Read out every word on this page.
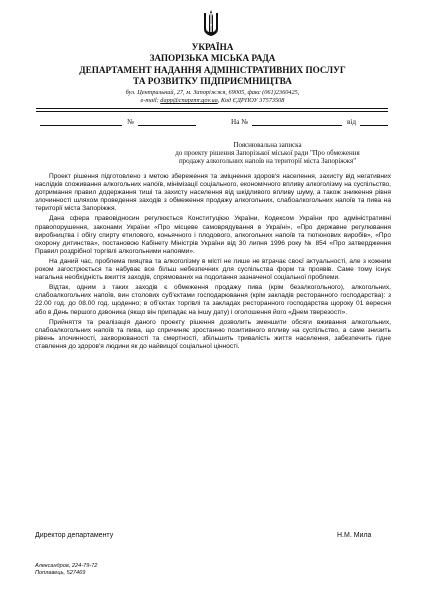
УКРАЇНА
ЗАПОРІЗЬКА МІСЬКА РАДА
ДЕПАРТАМЕНТ НАДАННЯ АДМІНІСТРАТИВНИХ ПОСЛУГ
ТА РОЗВИТКУ ПІДПРИЄМНИЦТВА
бул. Центральний, 27, м. Запоріжжя, 69005, факс (061)2360425,
e-mail: dapp@cnapzmr.gov.ua, Код ЄДРПОУ 37573508
№	На №	від
Пояснювальна записка
до проекту рішення Запорізької міської ради "Про обмеження
продажу алкогольних напоїв на території міста Запоріжжя"

Проект рішення підготовлено з метою збереження та зміцнення здоров'я населення, захисту від негативних наслідків споживання алкогольних напоїв, мінімізації соціального, економічного впливу алкоголізму на суспільство, дотримання правил додержання тиші та захисту населення від шкідливого впливу шуму, а також зниження рівня злочинності шляхом проведення заходів з обмеження продажу алкогольних, слабоалкогольних напоїв та пива на території міста Запоріжжя.

Дана сфера правовідносин регулюється Конституцією України, Кодексом України про адміністративні правопорушення, законами України «Про місцеве самоврядування в Україні», «Про державне регулювання виробництва і обігу спирту етилового, коньячного і плодового, алкогольних напоїв та тютюнових виробів», «Про охорону дитинства», постановою Кабінету Міністрів України від 30 липня 1996 року № 854 «Про затвердження Правил роздрібної торгівлі алкогольними напоями».

На даний час, проблема пияцтва та алкоголізму в місті не лише не втрачає своєї актуальності, але з кожним роком загострюється та набуває все більш небезпечних для суспільства форм та проявів. Саме тому існує нагальна необхідність вжиття заходів, спрямованих на подолання зазначеної соціальної проблеми.

Відтак, одним з таких заходів є обмеження продажу пива (крім безалкогольного), алкогольних, слабоалкогольних напоїв, вин столових суб'єктами господарювання (крім закладів ресторанного господарства): з 22.00 год. до 08.00 год. щоденно; в об'єктах торгівлі та закладах ресторанного господарства щороку 01 вересня або в День першого дзвоника (якщо він припадає на іншу дату) і оголошення його «Днем тверезості».

Прийняття та реалізація даного проекту рішення дозволить зменшити обсяги вживання алкогольних, слабоалкогольних напоїв та пива, що спричиняє зростанню позитивного впливу на суспільство, а саме знизить рівень злочинності, захворюваності та смертності, збільшить тривалість життя населення, забезпечить гідне ставлення до здоров'я людини як до найвищої соціальної цінності.

Директор департаменту	Н.М. Мила
Александров, 224-79-72
Поплавець, 527469
